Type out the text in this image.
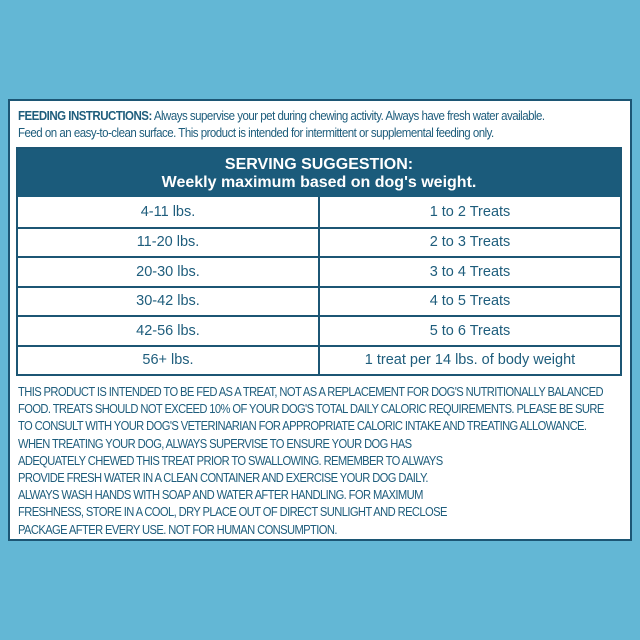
FEEDING INSTRUCTIONS: Always supervise your pet during chewing activity. Always have fresh water available.
Feed on an easy-to-clean surface. This product is intended for intermittent or supplemental feeding only.
SERVING SUGGESTION:
Weekly maximum based on dog's weight.
4-11 lbs.	1 to 2 Treats
11-20 lbs.	2 to 3 Treats
20-30 lbs.	3 to 4 Treats
30-42 lbs.	4 to 5 Treats
42-56 lbs.	5 to 6 Treats
56+ lbs.	1 treat per 14 lbs. of body weight
THIS PRODUCT IS INTENDED TO BE FED AS A TREAT, NOT AS A REPLACEMENT FOR DOG'S NUTRITIONALLY BALANCED
FOOD. TREATS SHOULD NOT EXCEED 10% OF YOUR DOG'S TOTAL DAILY CALORIC REQUIREMENTS. PLEASE BE SURE
TO CONSULT WITH YOUR DOG'S VETERINARIAN FOR APPROPRIATE CALORIC INTAKE AND TREATING ALLOWANCE.
WHEN TREATING YOUR DOG, ALWAYS SUPERVISE TO ENSURE YOUR DOG HAS
ADEQUATELY CHEWED THIS TREAT PRIOR TO SWALLOWING. REMEMBER TO ALWAYS
PROVIDE FRESH WATER IN A CLEAN CONTAINER AND EXERCISE YOUR DOG DAILY.
ALWAYS WASH HANDS WITH SOAP AND WATER AFTER HANDLING. FOR MAXIMUM
FRESHNESS, STORE IN A COOL, DRY PLACE OUT OF DIRECT SUNLIGHT AND RECLOSE
PACKAGE AFTER EVERY USE. NOT FOR HUMAN CONSUMPTION.
